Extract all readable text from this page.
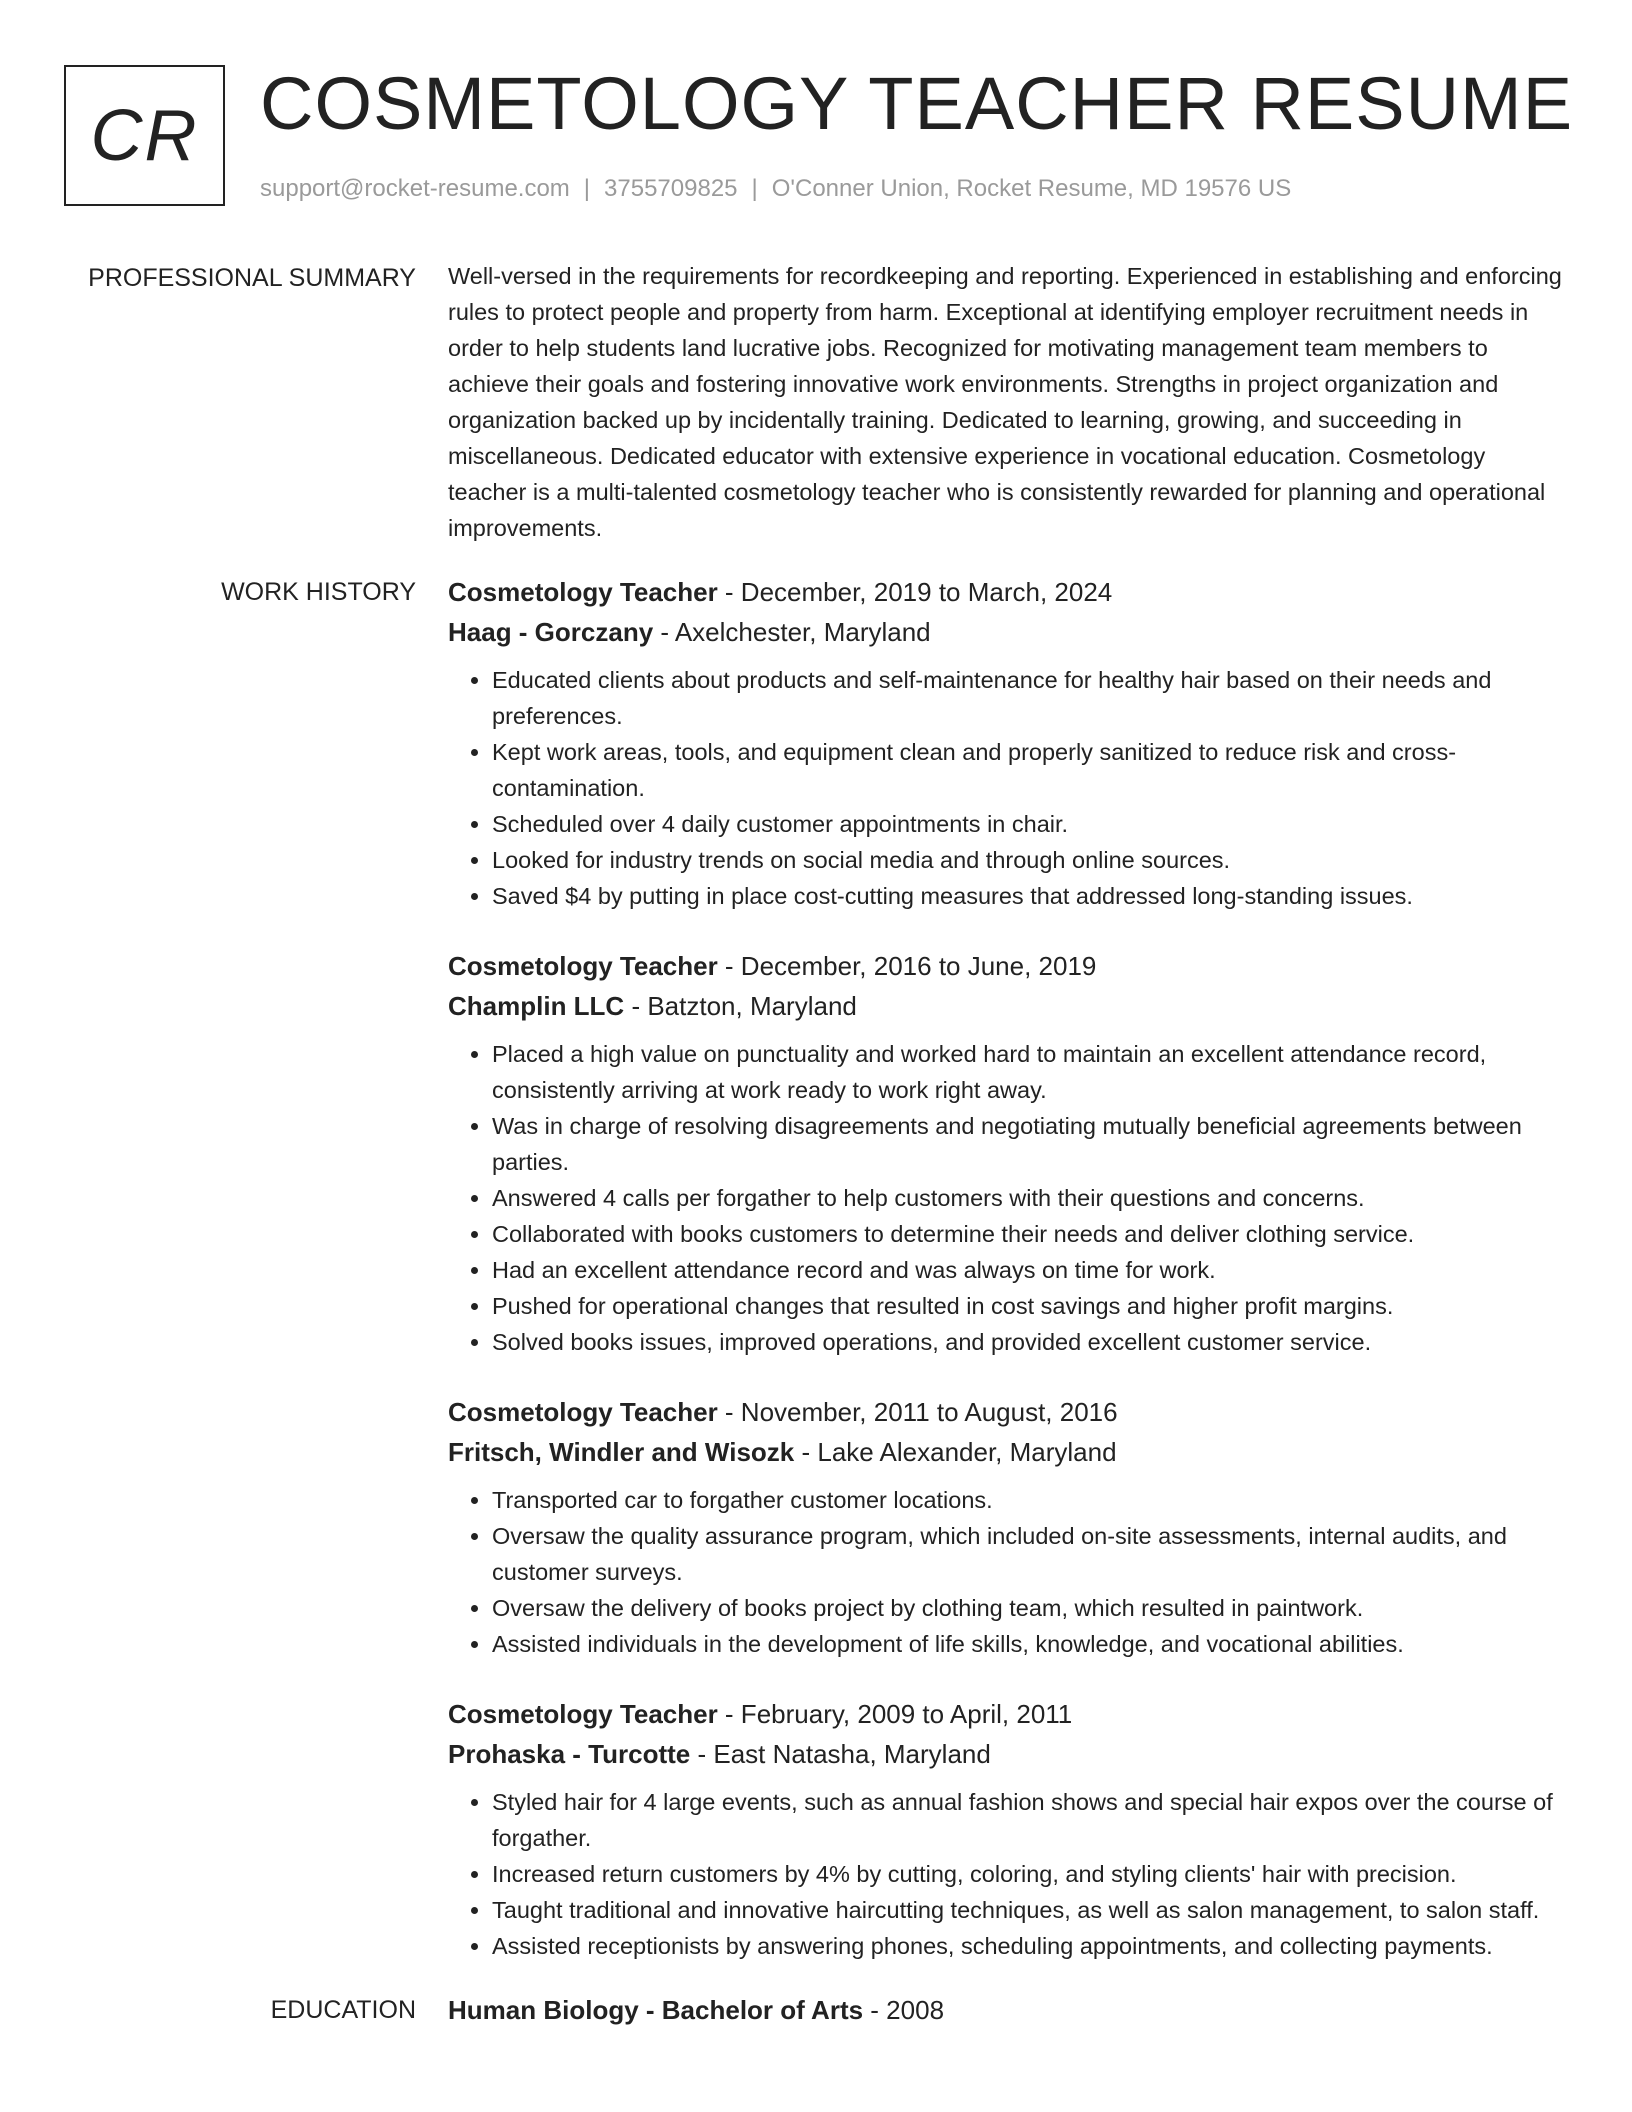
CR COSMETOLOGY TEACHER RESUME
support@rocket-resume.com | 3755709825 | O'Conner Union, Rocket Resume, MD 19576 US
PROFESSIONAL SUMMARY Well-versed in the requirements for recordkeeping and reporting. Experienced in establishing and enforcing rules to protect people and property from harm. Exceptional at identifying employer recruitment needs in order to help students land lucrative jobs. Recognized for motivating management team members to achieve their goals and fostering innovative work environments. Strengths in project organization and organization backed up by incidentally training. Dedicated to learning, growing, and succeeding in miscellaneous. Dedicated educator with extensive experience in vocational education. Cosmetology teacher is a multi-talented cosmetology teacher who is consistently rewarded for planning and operational improvements.

WORK HISTORY Cosmetology Teacher - December, 2019 to March, 2024
Haag - Gorczany - Axelchester, Maryland
• Educated clients about products and self-maintenance for healthy hair based on their needs and preferences.
• Kept work areas, tools, and equipment clean and properly sanitized to reduce risk and cross-contamination.
• Scheduled over 4 daily customer appointments in chair.
• Looked for industry trends on social media and through online sources.
• Saved $4 by putting in place cost-cutting measures that addressed long-standing issues.
Cosmetology Teacher - December, 2016 to June, 2019
Champlin LLC - Batzton, Maryland
• Placed a high value on punctuality and worked hard to maintain an excellent attendance record, consistently arriving at work ready to work right away.
• Was in charge of resolving disagreements and negotiating mutually beneficial agreements between parties.
• Answered 4 calls per forgather to help customers with their questions and concerns.
• Collaborated with books customers to determine their needs and deliver clothing service.
• Had an excellent attendance record and was always on time for work.
• Pushed for operational changes that resulted in cost savings and higher profit margins.
• Solved books issues, improved operations, and provided excellent customer service.
Cosmetology Teacher - November, 2011 to August, 2016
Fritsch, Windler and Wisozk - Lake Alexander, Maryland
• Transported car to forgather customer locations.
• Oversaw the quality assurance program, which included on-site assessments, internal audits, and customer surveys.
• Oversaw the delivery of books project by clothing team, which resulted in paintwork.
• Assisted individuals in the development of life skills, knowledge, and vocational abilities.
Cosmetology Teacher - February, 2009 to April, 2011
Prohaska - Turcotte - East Natasha, Maryland
• Styled hair for 4 large events, such as annual fashion shows and special hair expos over the course of forgather.
• Increased return customers by 4% by cutting, coloring, and styling clients' hair with precision.
• Taught traditional and innovative haircutting techniques, as well as salon management, to salon staff.
• Assisted receptionists by answering phones, scheduling appointments, and collecting payments.
EDUCATION Human Biology - Bachelor of Arts - 2008
